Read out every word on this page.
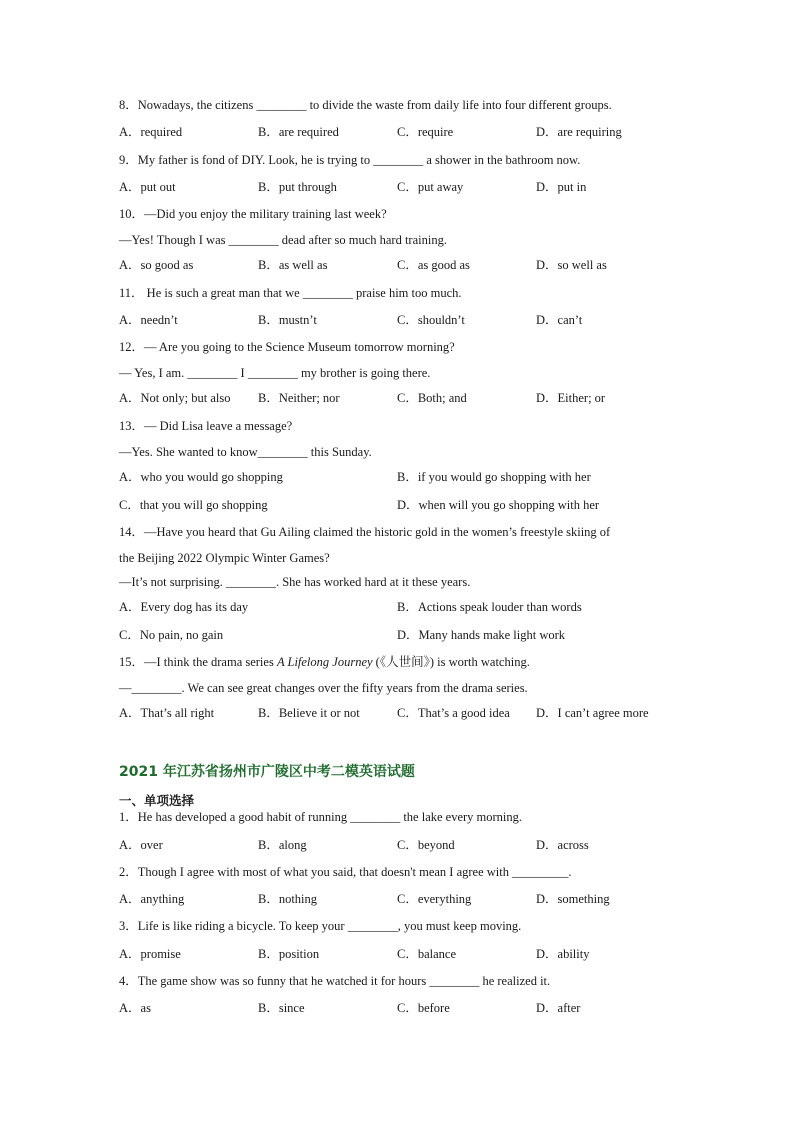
8．Nowadays, the citizens ________ to divide the waste from daily life into four different groups.
A．required	B．are required	C．require	D．are requiring
9．My father is fond of DIY. Look, he is trying to ________ a shower in the bathroom now.
A．put out	B．put through	C．put away	D．put in
10．—Did you enjoy the military training last week?
—Yes! Though I was ________ dead after so much hard training.
A．so good as	B．as well as	C．as good as	D．so well as
11． He is such a great man that we ________ praise him too much.
A．needn’t	B．mustn’t	C．shouldn’t	D．can’t
12．— Are you going to the Science Museum tomorrow morning?
— Yes, I am. ________ I ________ my brother is going there.
A．Not only; but also B．Neither; nor	C．Both; and	D．Either; or
13．— Did Lisa leave a message?
—Yes. She wanted to know________ this Sunday.
A．who you would go shopping	B．if you would go shopping with her
C．that you will go shopping	D．when will you go shopping with her
14．—Have you heard that Gu Ailing claimed the historic gold in the women’s freestyle skiing of
the Beijing 2022 Olympic Winter Games?
—It’s not surprising. ________. She has worked hard at it these years.
A．Every dog has its day	B．Actions speak louder than words
C．No pain, no gain	D．Many hands make light work
15．—I think the drama series A Lifelong Journey (《人世间》) is worth watching.
—________. We can see great changes over the fifty years from the drama series.
A．That’s all right	B．Believe it or not	C．That’s a good idea D．I can’t agree more
2021 年江苏省扬州市广陵区中考二模英语试题
一、单项选择
1．He has developed a good habit of running ________ the lake every morning.
A．over	B．along	C．beyond	D．across
2．Though I agree with most of what you said, that doesn't mean I agree with _________.
A．anything	B．nothing	C．everything	D．something
3．Life is like riding a bicycle. To keep your ________, you must keep moving.
A．promise	B．position	C．balance	D．ability
4．The game show was so funny that he watched it for hours ________ he realized it.
A．as	B．since	C．before	D．after
